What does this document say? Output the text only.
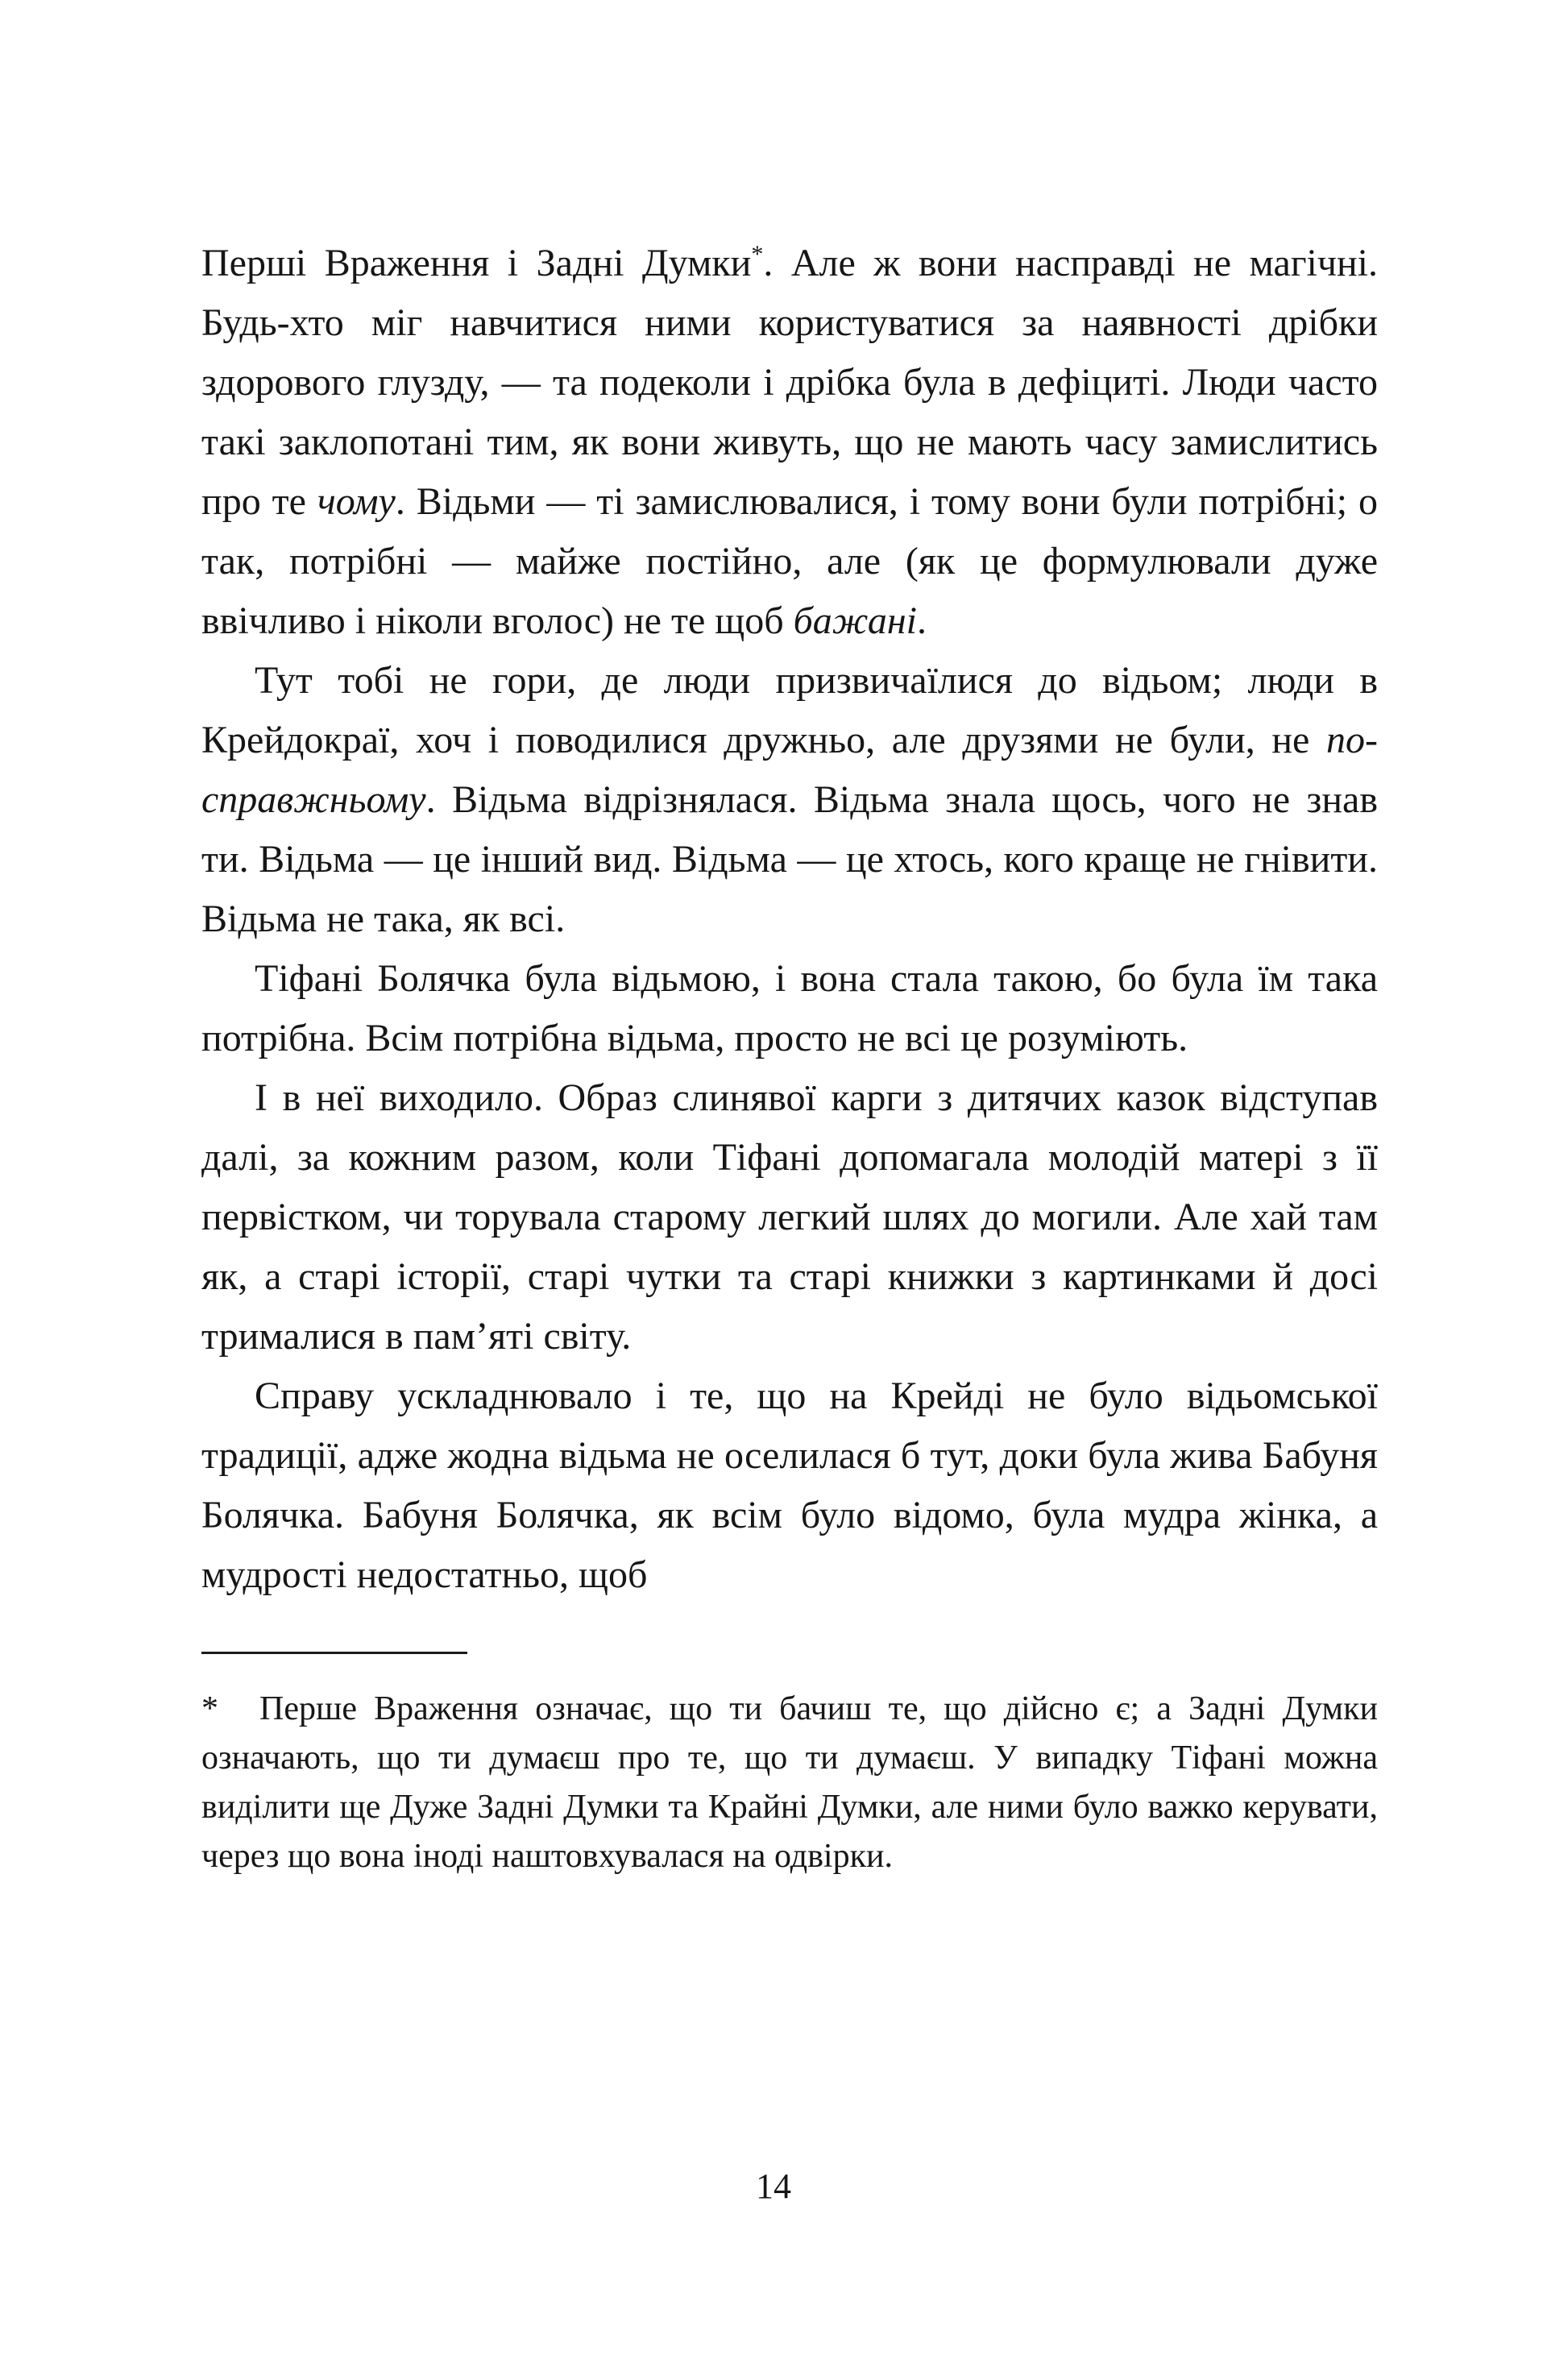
Перші Враження і Задні Думки*. Але ж вони насправді не магічні. Будь-хто міг навчитися ними користуватися за наявності дрібки здорового глузду, — та подеколи і дрібка була в дефіциті. Люди часто такі заклопотані тим, як вони живуть, що не мають часу замислитись про те чому. Відьми — ті замислювалися, і тому вони були потрібні; о так, потрібні — майже постійно, але (як це формулювали дуже ввічливо і ніколи вголос) не те щоб бажані.

Тут тобі не гори, де люди призвичаїлися до відьом; люди в Крейдокраї, хоч і поводилися дружньо, але друзями не були, не по-справжньому. Відьма відрізнялася. Відьма знала щось, чого не знав ти. Відьма — це інший вид. Відьма — це хтось, кого краще не гнівити. Відьма не така, як всі.

Тіфані Болячка була відьмою, і вона стала такою, бо була їм така потрібна. Всім потрібна відьма, просто не всі це розуміють.

І в неї виходило. Образ слинявої карги з дитячих казок відступав далі, за кожним разом, коли Тіфані допомагала молодій матері з її первістком, чи торувала старому легкий шлях до могили. Але хай там як, а старі історії, старі чутки та старі книжки з картинками й досі трималися в пам’яті світу.

Справу ускладнювало і те, що на Крейді не було відьомської традиції, адже жодна відьма не оселилася б тут, доки була жива Бабуня Болячка. Бабуня Болячка, як всім було відомо, була мудра жінка, а мудрості недостатньо, щоб

* Перше Враження означає, що ти бачиш те, що дійсно є; а Задні Думки означають, що ти думаєш про те, що ти думаєш. У випадку Тіфані можна виділити ще Дуже Задні Думки та Крайні Думки, але ними було важко керувати, через що вона іноді наштовхувалася на одвірки.

14
